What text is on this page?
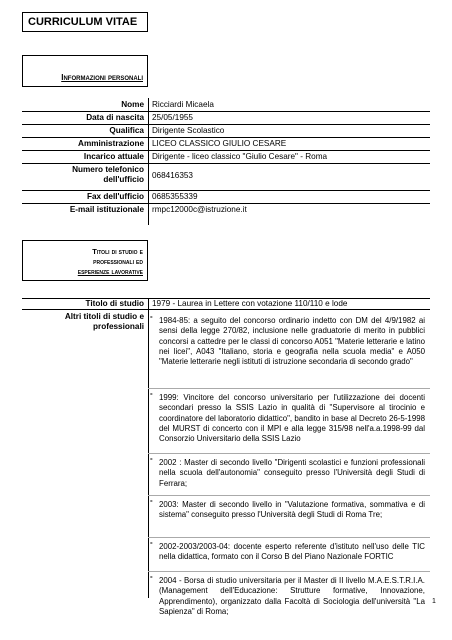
CURRICULUM VITAE
Informazioni personali
Nome Ricciardi Micaela
Data di nascita 25/05/1955
Qualifica Dirigente Scolastico
Amministrazione LICEO CLASSICO GIULIO CESARE
Incarico attuale Dirigente - liceo classico "Giulio Cesare" - Roma
Numero telefonico dell'ufficio 068416353
Fax dell'ufficio 0685355339
E-mail istituzionale rmpc12000c@istruzione.it
Titoli di studio e
professionali ed
esperienze lavorative
Titolo di studio 1979 - Laurea in Lettere con votazione 110/110 e lode
Altri titoli di studio e professionali
- 1984-85: a seguito del concorso ordinario indetto con DM del 4/9/1982 ai sensi della legge 270/82, inclusione nelle graduatorie di merito in pubblici concorsi a cattedre per le classi di concorso A051 "Materie letterarie e latino nei licei", A043 "Italiano, storia e geografia nella scuola media" e A050 "Materie letterarie negli istituti di istruzione secondaria di secondo grado"
- 1999: Vincitore del concorso universitario per l'utilizzazione dei docenti secondari presso la SSIS Lazio in qualità di "Supervisore al tirocinio e coordinatore del laboratorio didattico", bandito in base al Decreto 26-5-1998 del MURST di concerto con il MPI e alla legge 315/98 nell'a.a.1998-99 dal Consorzio Universitario della SSIS Lazio
- 2002 : Master di secondo livello "Dirigenti scolastici e funzioni professionali nella scuola dell'autonomia" conseguito presso l'Università degli Studi di Ferrara;
- 2003: Master di secondo livello in "Valutazione formativa, sommativa e di sistema" conseguito presso l'Università degli Studi di Roma Tre;
- 2002-2003/2003-04: docente esperto referente d'istituto nell'uso delle TIC nella didattica, formato con il Corso B del Piano Nazionale FORTIC
- 2004 - Borsa di studio universitaria per il Master di II livello M.A.E.S.T.R.I.A. (Management dell'Educazione: Strutture formative, Innovazione, Apprendimento), organizzato dalla Facoltà di Sociologia dell'università "La Sapienza" di Roma;
1
